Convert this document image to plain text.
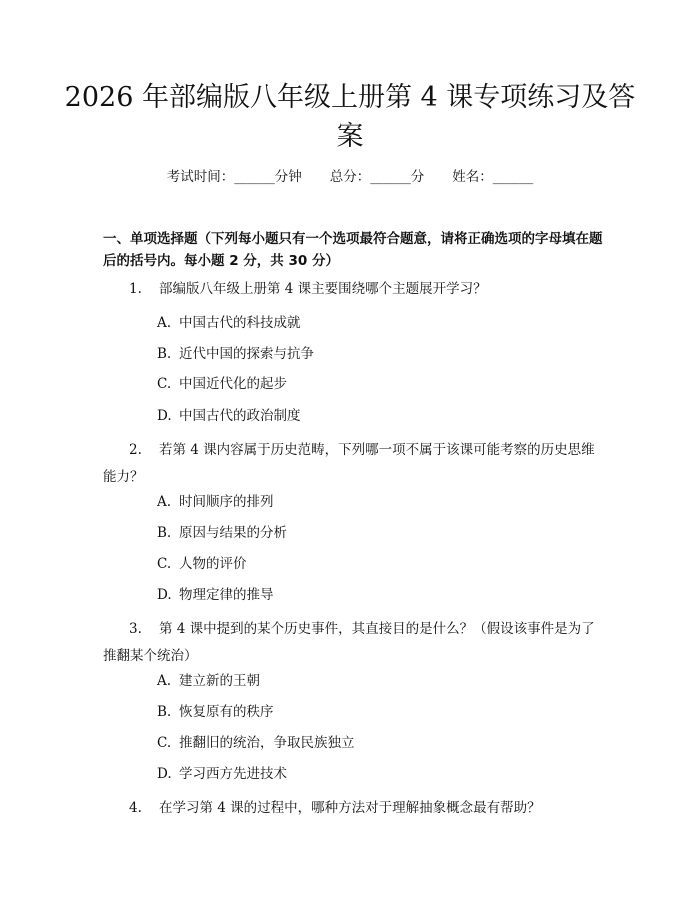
2026 年部编版八年级上册第 4 课专项练习及答案
考试时间：______分钟 总分：______分 姓名：______

一、单项选择题（下列每小题只有一个选项最符合题意，请将正确选项的字母填在题后的括号内。每小题 2 分，共 30 分）

1. 部编版八年级上册第 4 课主要围绕哪个主题展开学习？
A. 中国古代的科技成就
B. 近代中国的探索与抗争
C. 中国近代化的起步
D. 中国古代的政治制度
2. 若第 4 课内容属于历史范畴，下列哪一项不属于该课可能考察的历史思维能力？
A. 时间顺序的排列
B. 原因与结果的分析
C. 人物的评价
D. 物理定律的推导
3. 第 4 课中提到的某个历史事件，其直接目的是什么？（假设该事件是为了推翻某个统治）
A. 建立新的王朝
B. 恢复原有的秩序
C. 推翻旧的统治，争取民族独立
D. 学习西方先进技术
4. 在学习第 4 课的过程中，哪种方法对于理解抽象概念最有帮助？
